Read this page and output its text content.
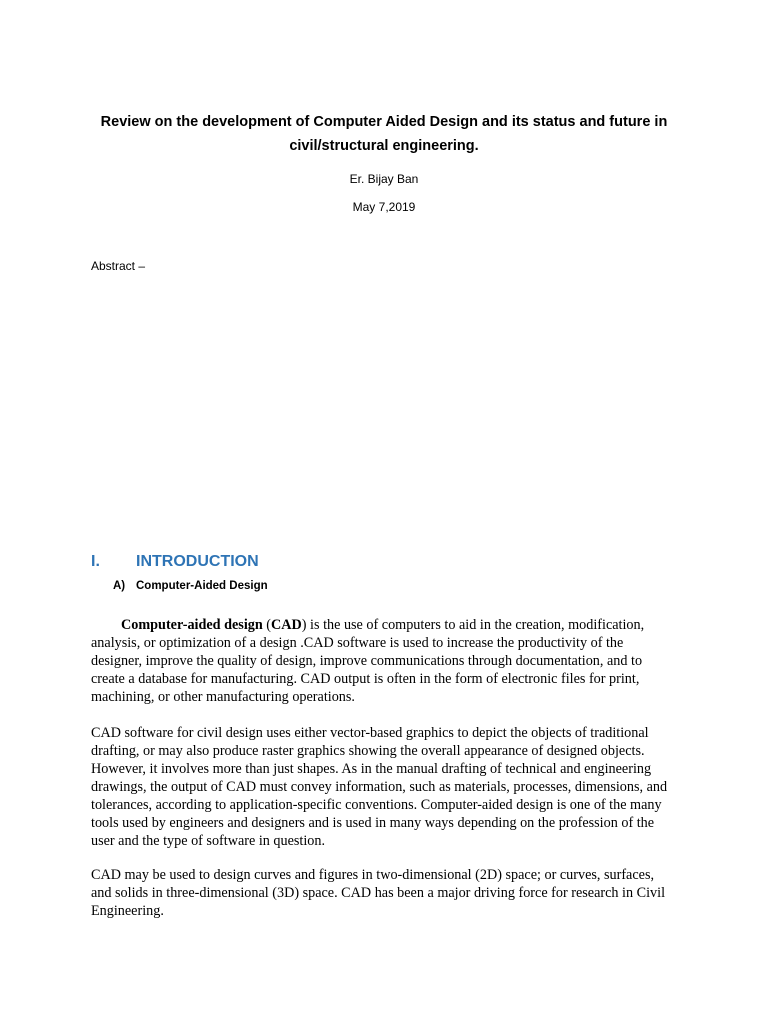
Review on the development of Computer Aided Design and its status and future in civil/structural engineering.

Er. Bijay Ban

May 7,2019

Abstract –

I.	INTRODUCTION
A) Computer-Aided Design

Computer-aided design (CAD) is the use of computers to aid in the creation, modification, analysis, or optimization of a design .CAD software is used to increase the productivity of the designer, improve the quality of design, improve communications through documentation, and to create a database for manufacturing. CAD output is often in the form of electronic files for print, machining, or other manufacturing operations.

CAD software for civil design uses either vector-based graphics to depict the objects of traditional drafting, or may also produce raster graphics showing the overall appearance of designed objects. However, it involves more than just shapes. As in the manual drafting of technical and engineering drawings, the output of CAD must convey information, such as materials, processes, dimensions, and tolerances, according to application-specific conventions. Computer-aided design is one of the many tools used by engineers and designers and is used in many ways depending on the profession of the user and the type of software in question.

CAD may be used to design curves and figures in two-dimensional (2D) space; or curves, surfaces, and solids in three-dimensional (3D) space. CAD has been a major driving force for research in Civil Engineering.
